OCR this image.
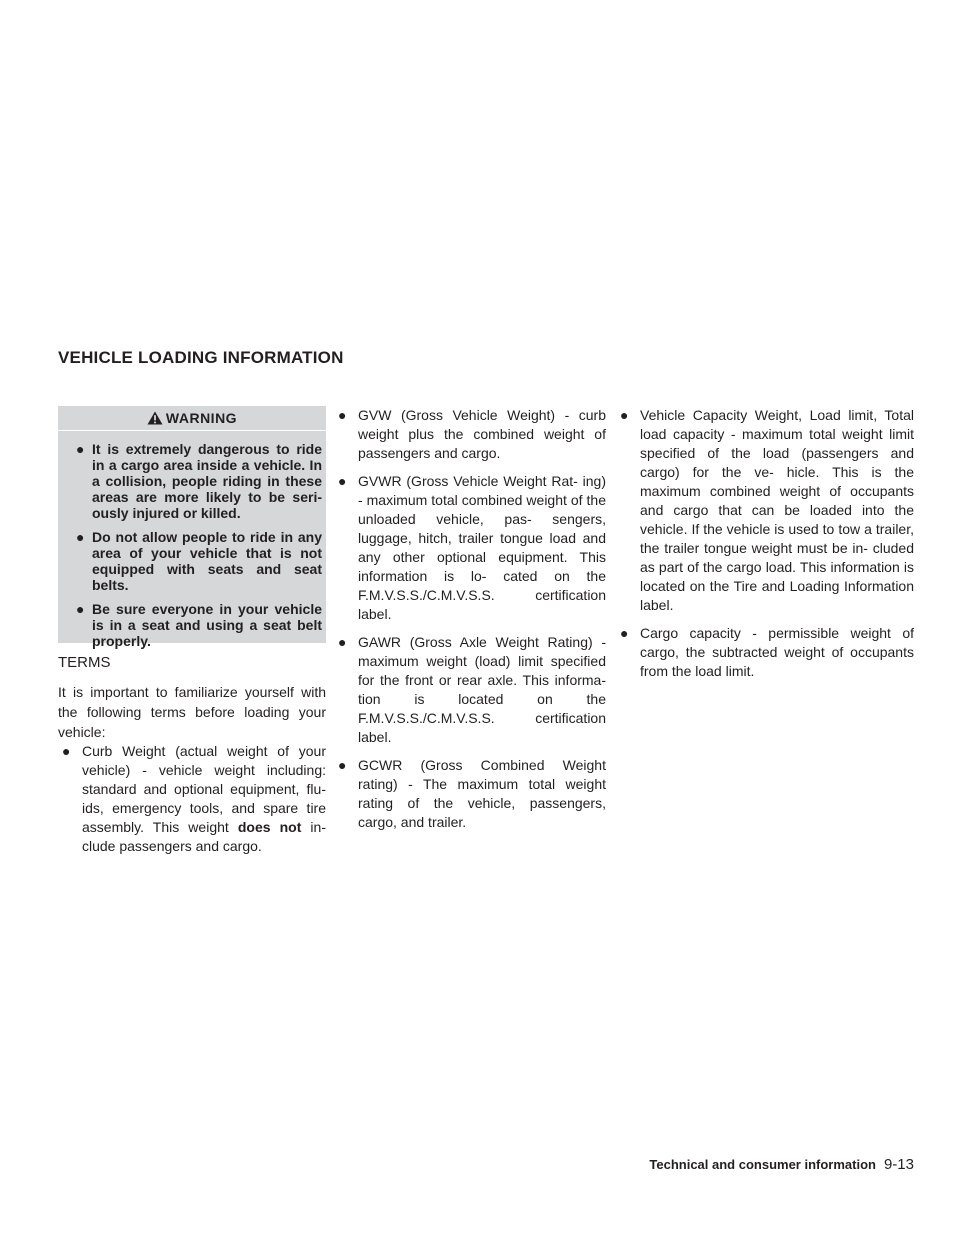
VEHICLE LOADING INFORMATION
WARNING
● It is extremely dangerous to ride in a cargo area inside a vehicle. In a collision, people riding in these areas are more likely to be seri- ously injured or killed.
● Do not allow people to ride in any area of your vehicle that is not equipped with seats and seat belts.
● Be sure everyone in your vehicle is in a seat and using a seat belt properly.
TERMS

It is important to familiarize yourself with the following terms before loading your vehicle:

● Curb Weight (actual weight of your vehicle) - vehicle weight including: standard and optional equipment, flu- ids, emergency tools, and spare tire assembly. This weight does not in- clude passengers and cargo.
● GVW (Gross Vehicle Weight) - curb weight plus the combined weight of passengers and cargo.
● GVWR (Gross Vehicle Weight Rat- ing) - maximum total combined weight of the unloaded vehicle, pas- sengers, luggage, hitch, trailer tongue load and any other optional equipment. This information is lo- cated on the F.M.V.S.S./C.M.V.S.S. certification label.
● GAWR (Gross Axle Weight Rating) - maximum weight (load) limit specified for the front or rear axle. This informa- tion is located on the F.M.V.S.S./C.M.V.S.S. certification label.
● GCWR (Gross Combined Weight rating) - The maximum total weight rating of the vehicle, passengers, cargo, and trailer.
● Vehicle Capacity Weight, Load limit, Total load capacity - maximum total weight limit specified of the load (passengers and cargo) for the ve- hicle. This is the maximum combined weight of occupants and cargo that can be loaded into the vehicle. If the vehicle is used to tow a trailer, the trailer tongue weight must be in- cluded as part of the cargo load. This information is located on the Tire and Loading Information label.
● Cargo capacity - permissible weight of cargo, the subtracted weight of occupants from the load limit.
Technical and consumer information 9-13
